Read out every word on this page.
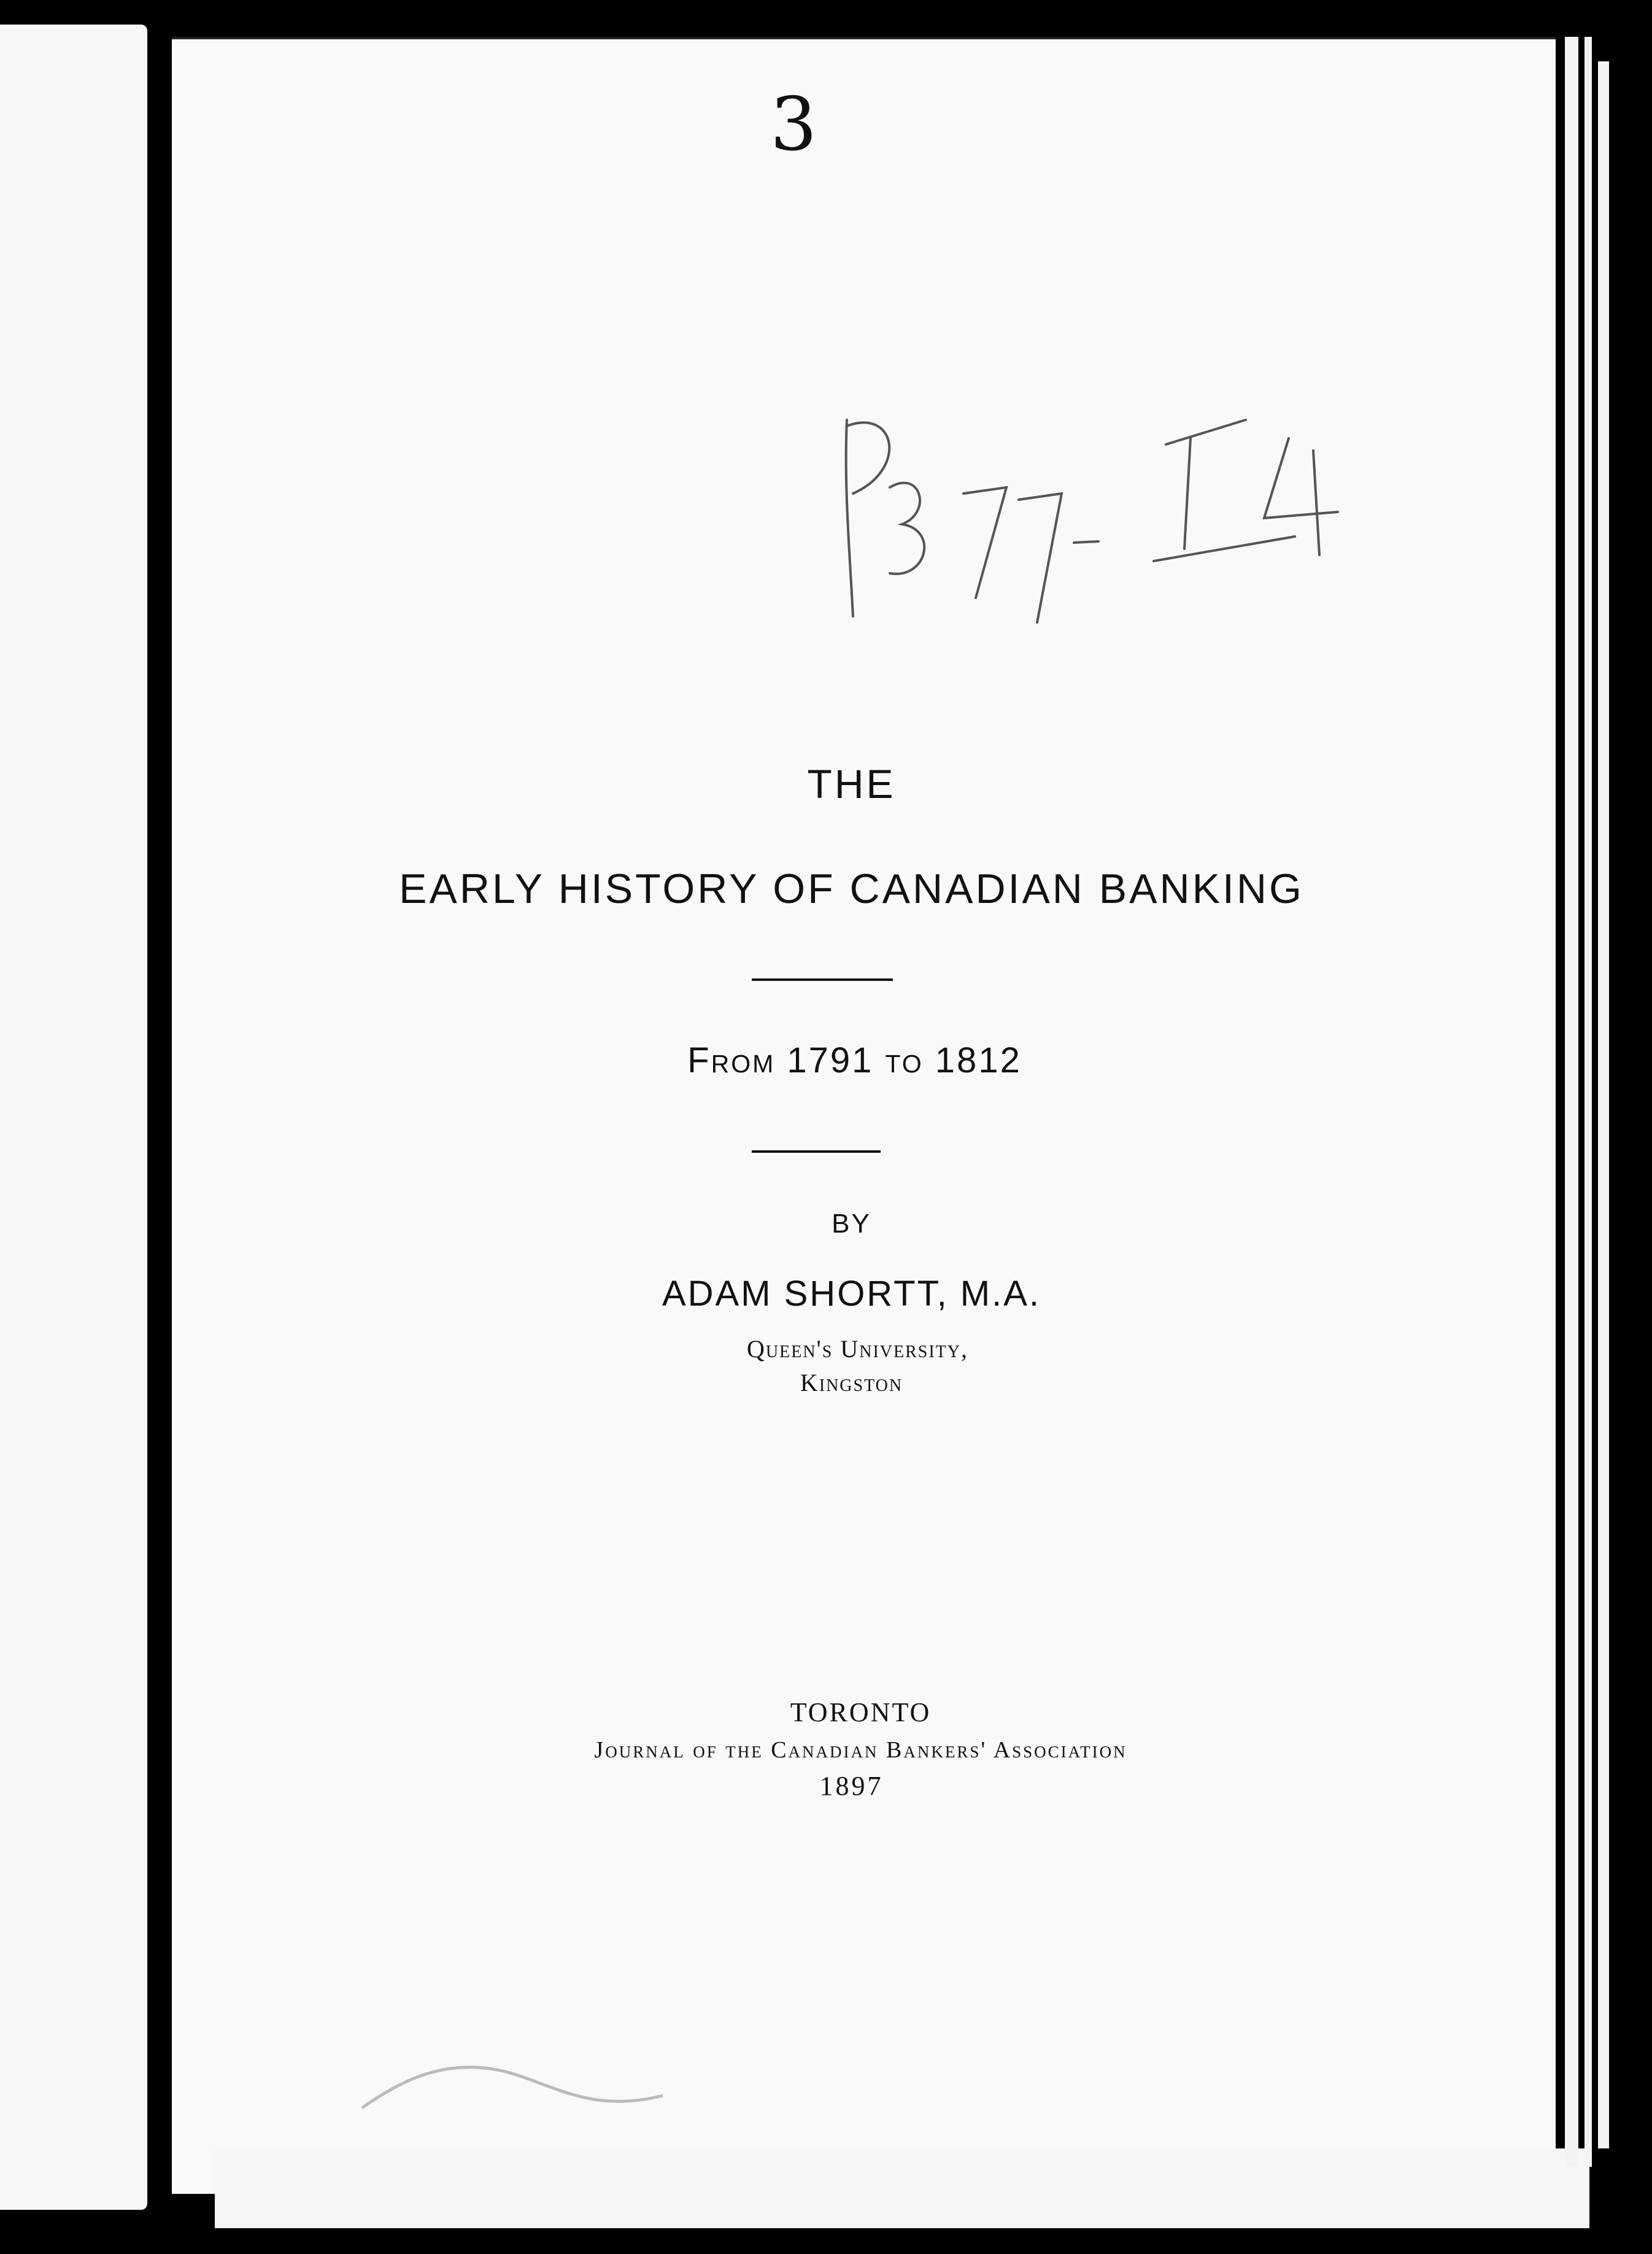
3
P377-
THE
EARLY HISTORY OF CANADIAN BANKING
From 1791 to 1812
BY
ADAM SHORTT, M.A.
Queen's University,
Kingston
TORONTO
Journal of the Canadian Bankers' Association
1897
